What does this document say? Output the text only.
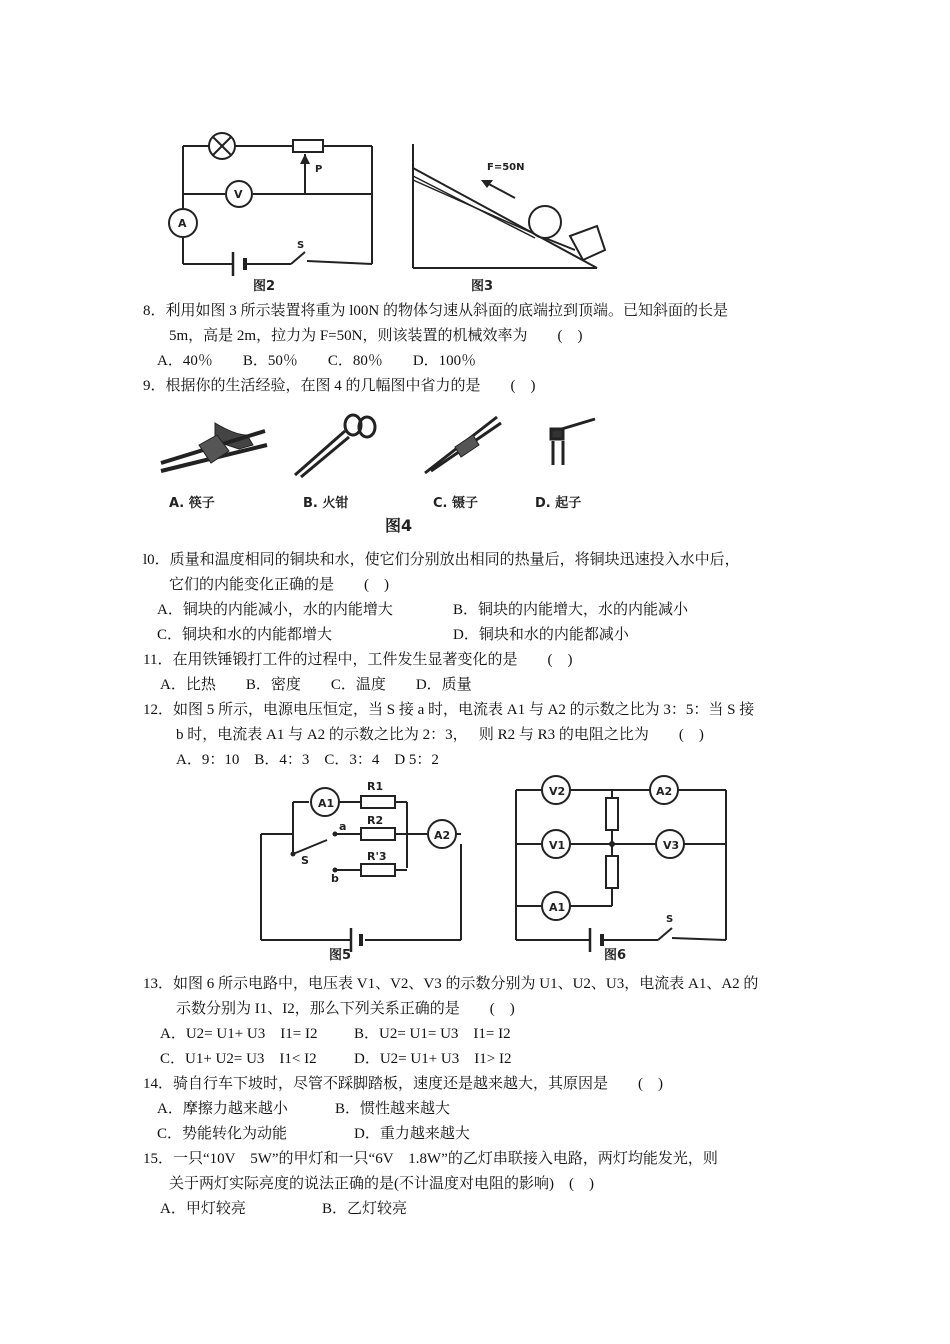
P
V
A
S
图2
F=50N
图3
8．利用如图 3 所示装置将重为 l00N 的物体匀速从斜面的底端拉到顶端。已知斜面的长是
5m，高是 2m，拉力为 F=50N，则该装置的机械效率为　　(　)
A．40％　　B．50％　　C．80％　　D．100％
9．根据你的生活经验，在图 4 的几幅图中省力的是　　(　)
A. 筷子	B. 火钳	C. 镊子	D. 起子
图4
l0．质量和温度相同的铜块和水，使它们分别放出相同的热量后，将铜块迅速投入水中后，
它们的内能变化正确的是　　(　)
A．铜块的内能减小，水的内能增大	B．铜块的内能增大，水的内能减小
C．铜块和水的内能都增大	D．铜块和水的内能都减小
11．在用铁锤锻打工件的过程中，工件发生显著变化的是　　(　)
A．比热　　B．密度　　C．温度　　D．质量
12．如图 5 所示，电源电压恒定，当 S 接 a 时，电流表 A1 与 A2 的示数之比为 3：5：当 S 接
b 时，电流表 A1 与 A2 的示数之比为 2：3，　 则 R2 与 R3 的电阻之比为　　(　)
A．9：10　B．4：3　C．3：4　D 5：2
A1
A2
R1
R2
R'3
a
b
S
图5
V2	A2
V1	V3
A1
S
图6
13．如图 6 所示电路中，电压表 V1、V2、V3 的示数分别为 U1、U2、U3，电流表 A1、A2 的
示数分别为 I1、I2，那么下列关系正确的是　　(　)
A．U2= U1+ U3　I1= I2 B．U2= U1= U3　I1= I2
C．U1+ U2= U3　I1< I2 D．U2= U1+ U3　I1> I2
14．骑自行车下坡时，尽管不踩脚踏板，速度还是越来越大，其原因是　　(　)
A．摩擦力越来越小	B．惯性越来越大
C．势能转化为动能	D．重力越来越大
15．一只“10V　5W”的甲灯和一只“6V　1.8W”的乙灯串联接入电路，两灯均能发光，则
关于两灯实际亮度的说法正确的是(不计温度对电阻的影响)　(　)
A．甲灯较亮	B．乙灯较亮
